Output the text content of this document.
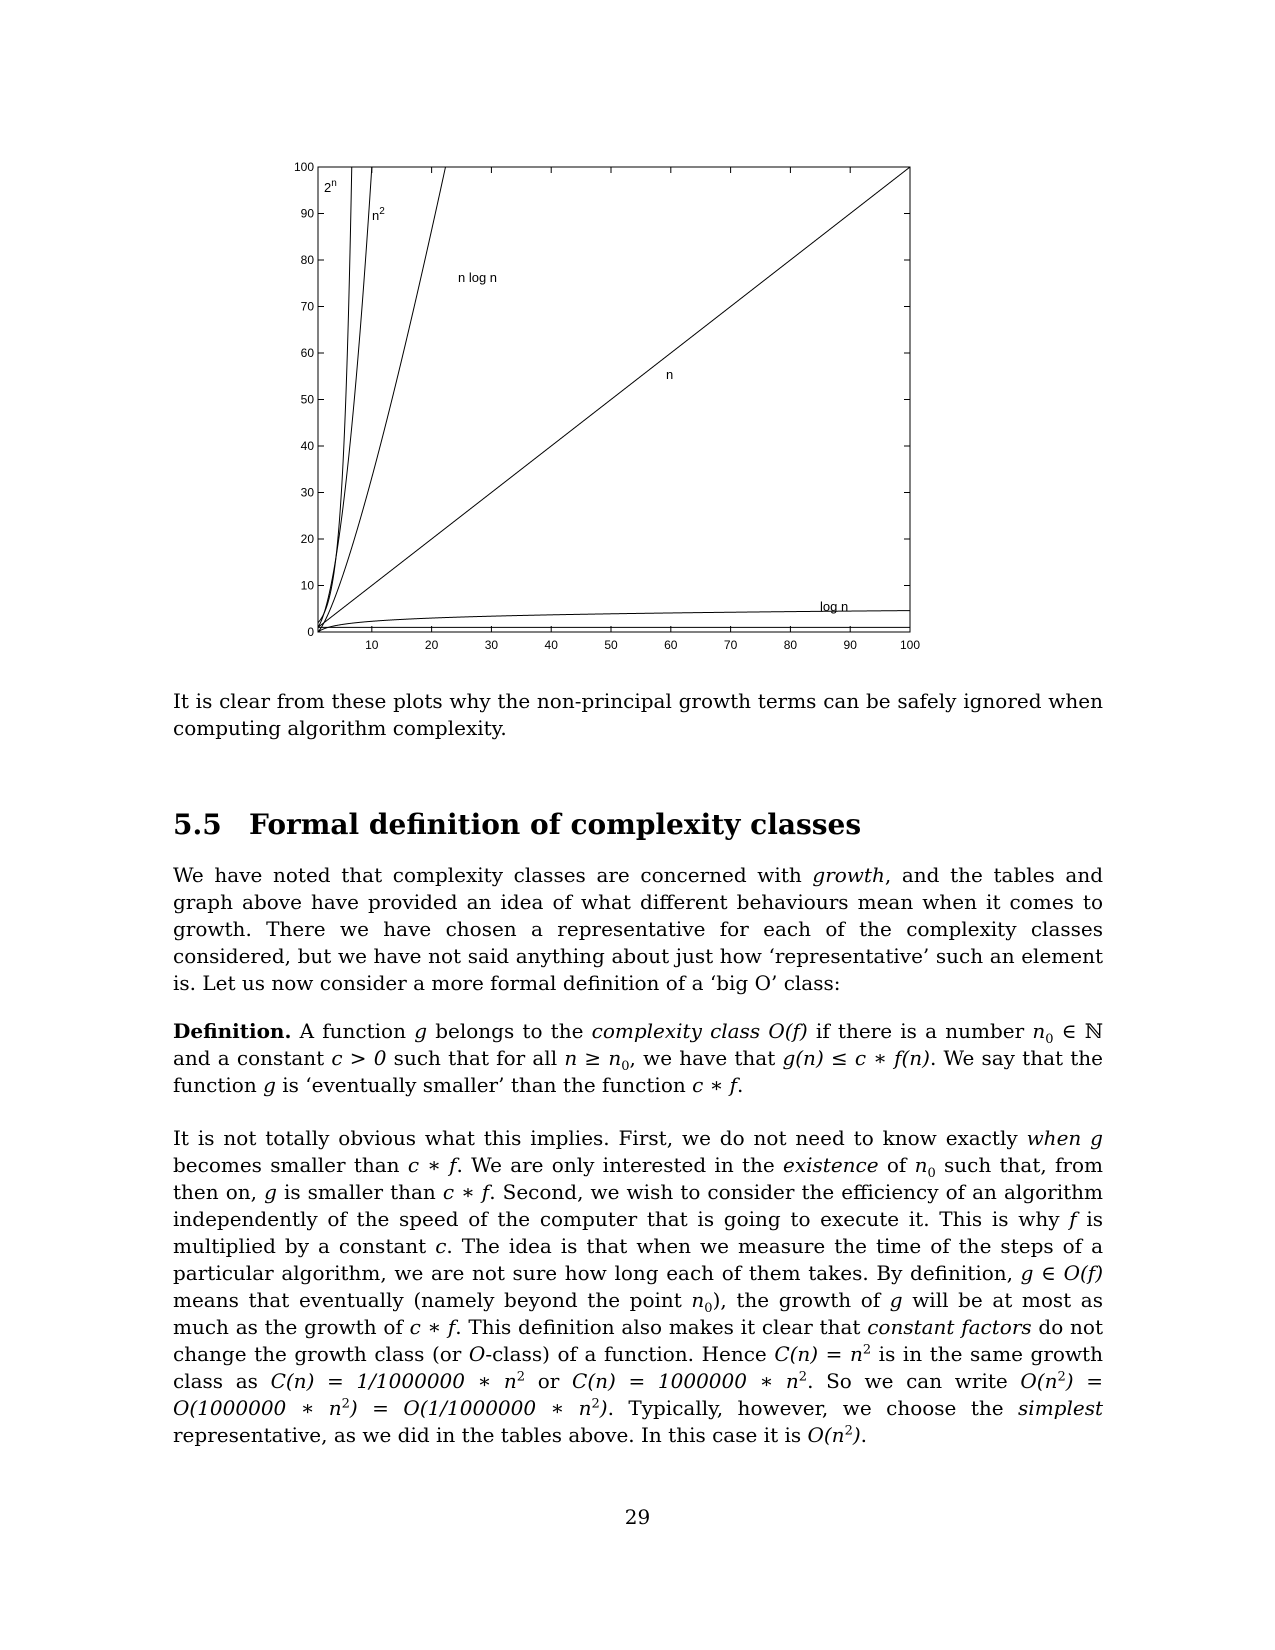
10	20	30	40	50	60	70	80	90	100
0
10
20
30
40
50
60
70
80
90
100
2$^n$
$n^2$
n log n
n
log n
It is clear from these plots why the non-principal growth terms can be safely ignored when computing algorithm complexity.
5.5 Formal definition of complexity classes
We have noted that complexity classes are concerned with growth, and the tables and graph above have provided an idea of what different behaviours mean when it comes to growth. There we have chosen a representative for each of the complexity classes considered, but we have not said anything about just how ‘representative’ such an element is. Let us now consider a more formal definition of a ‘big O’ class:
Definition. A function g belongs to the complexity class O(f) if there is a number $n_0$ ∈ ℕ and a constant c > 0 such that for all $n \ge n_0$, we have that g(n) ≤ c ∗ f(n). We say that the function g is ‘eventually smaller’ than the function c ∗ f.
It is not totally obvious what this implies. First, we do not need to know exactly when g becomes smaller than c ∗ f. We are only interested in the existence of $n_0$ such that, from then on, g is smaller than c ∗ f. Second, we wish to consider the efficiency of an algorithm independently of the speed of the computer that is going to execute it. This is why f is multiplied by a constant c. The idea is that when we measure the time of the steps of a particular algorithm, we are not sure how long each of them takes. By definition, g ∈ O(f) means that eventually (namely beyond the point $n_0$), the growth of g will be at most as much as the growth of c ∗ f. This definition also makes it clear that constant factors do not change the growth class (or O-class) of a function. Hence $C(n) = n^2$ is in the same growth class as C(n) = 1/1000000 ∗ $n^2$ or C(n) = 1000000 ∗ $n^2$. So we can write $O(n^2) = O(1000000$ ∗ $n^2) = O(1/1000000$ ∗ $n^2$). Typically, however, we choose the simplest representative, as we did in the tables above. In this case it is $O(n^2)$.
29
